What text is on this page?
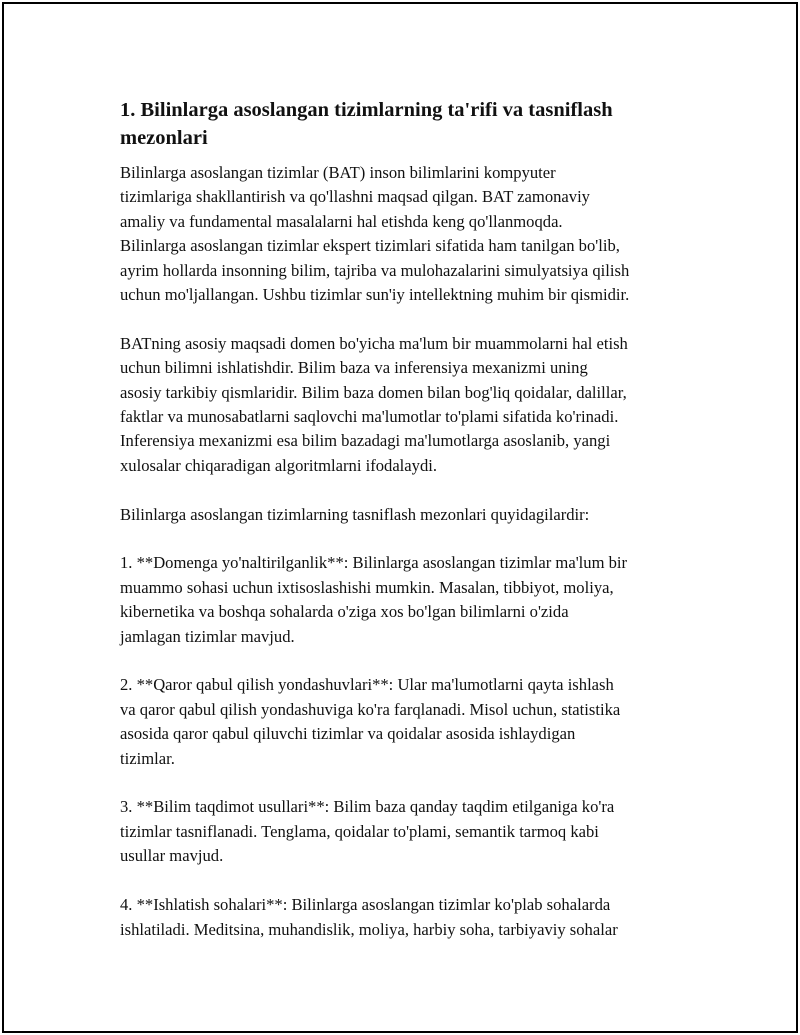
1. Bilinlarga asoslangan tizimlarning ta'rifi va tasniflash
mezonlari
Bilinlarga asoslangan tizimlar (BAT) inson bilimlarini kompyuter
tizimlariga shakllantirish va qo'llashni maqsad qilgan. BAT zamonaviy
amaliy va fundamental masalalarni hal etishda keng qo'llanmoqda.
Bilinlarga asoslangan tizimlar ekspert tizimlari sifatida ham tanilgan bo'lib,
ayrim hollarda insonning bilim, tajriba va mulohazalarini simulyatsiya qilish
uchun mo'ljallangan. Ushbu tizimlar sun'iy intellektning muhim bir qismidir.
BATning asosiy maqsadi domen bo'yicha ma'lum bir muammolarni hal etish
uchun bilimni ishlatishdir. Bilim baza va inferensiya mexanizmi uning
asosiy tarkibiy qismlaridir. Bilim baza domen bilan bog'liq qoidalar, dalillar,
faktlar va munosabatlarni saqlovchi ma'lumotlar to'plami sifatida ko'rinadi.
Inferensiya mexanizmi esa bilim bazadagi ma'lumotlarga asoslanib, yangi
xulosalar chiqaradigan algoritmlarni ifodalaydi.
Bilinlarga asoslangan tizimlarning tasniflash mezonlari quyidagilardir:
1. **Domenga yo'naltirilganlik**: Bilinlarga asoslangan tizimlar ma'lum bir
muammo sohasi uchun ixtisoslashishi mumkin. Masalan, tibbiyot, moliya,
kibernetika va boshqa sohalarda o'ziga xos bo'lgan bilimlarni o'zida
jamlagan tizimlar mavjud.
2. **Qaror qabul qilish yondashuvlari**: Ular ma'lumotlarni qayta ishlash
va qaror qabul qilish yondashuviga ko'ra farqlanadi. Misol uchun, statistika
asosida qaror qabul qiluvchi tizimlar va qoidalar asosida ishlaydigan
tizimlar.
3. **Bilim taqdimot usullari**: Bilim baza qanday taqdim etilganiga ko'ra
tizimlar tasniflanadi. Tenglama, qoidalar to'plami, semantik tarmoq kabi
usullar mavjud.
4. **Ishlatish sohalari**: Bilinlarga asoslangan tizimlar ko'plab sohalarda
ishlatiladi. Meditsina, muhandislik, moliya, harbiy soha, tarbiyaviy sohalar
